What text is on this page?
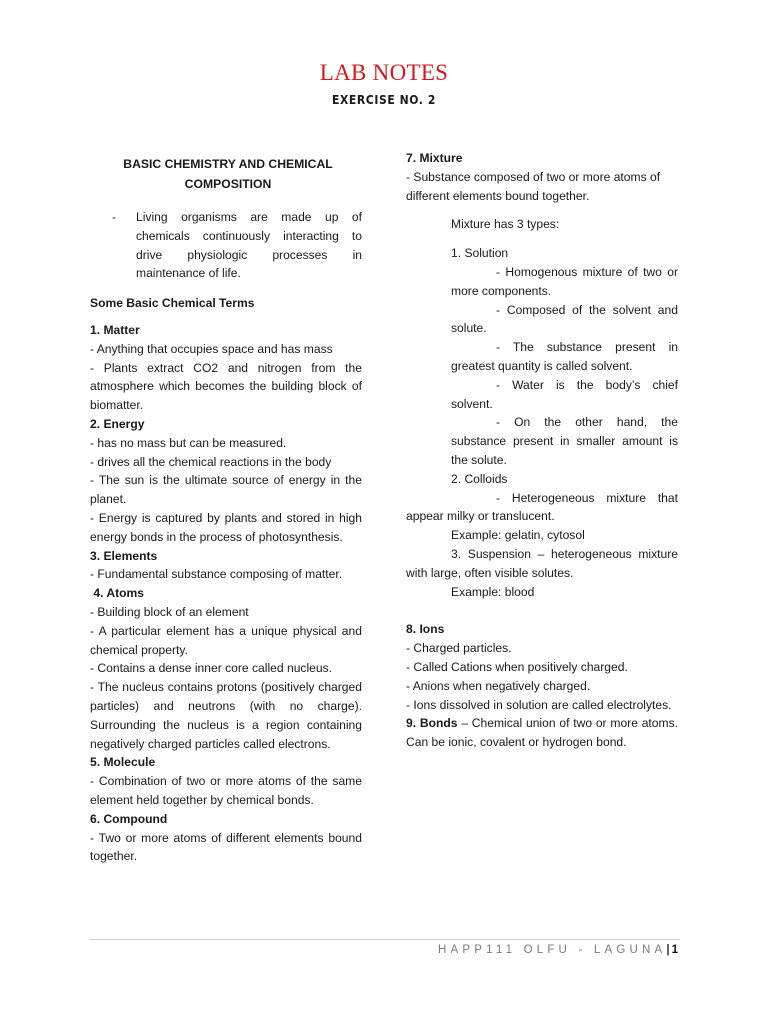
LAB NOTES
EXERCISE NO. 2
BASIC CHEMISTRY AND CHEMICAL
COMPOSITION
-	Living organisms are made up of chemicals continuously interacting to drive physiologic processes in maintenance of life.
Some Basic Chemical Terms
1. Matter
- Anything that occupies space and has mass
- Plants extract CO2 and nitrogen from the atmosphere which becomes the building block of biomatter.
2. Energy
- has no mass but can be measured.
- drives all the chemical reactions in the body
- The sun is the ultimate source of energy in the planet.
- Energy is captured by plants and stored in high energy bonds in the process of photosynthesis.
3. Elements
- Fundamental substance composing of matter.
4. Atoms
- Building block of an element
- A particular element has a unique physical and chemical property.
- Contains a dense inner core called nucleus.
- The nucleus contains protons (positively charged particles) and neutrons (with no charge). Surrounding the nucleus is a region containing negatively charged particles called electrons.
5. Molecule
- Combination of two or more atoms of the same element held together by chemical bonds.
6. Compound
- Two or more atoms of different elements bound together.
7. Mixture
- Substance composed of two or more atoms of different elements bound together.
Mixture has 3 types:
1. Solution
- Homogenous mixture of two or more components.
- Composed of the solvent and solute.
- The substance present in greatest quantity is called solvent.
- Water is the body’s chief solvent.
- On the other hand, the substance present in smaller amount is the solute.
2. Colloids
- Heterogeneous mixture that appear milky or translucent.
Example: gelatin, cytosol
3. Suspension – heterogeneous mixture with large, often visible solutes.
Example: blood
8. Ions
- Charged particles.
- Called Cations when positively charged.
- Anions when negatively charged.
- Ions dissolved in solution are called electrolytes.
9. Bonds – Chemical union of two or more atoms. Can be ionic, covalent or hydrogen bond.
HAPP111 OLFU - LAGUNA|1
